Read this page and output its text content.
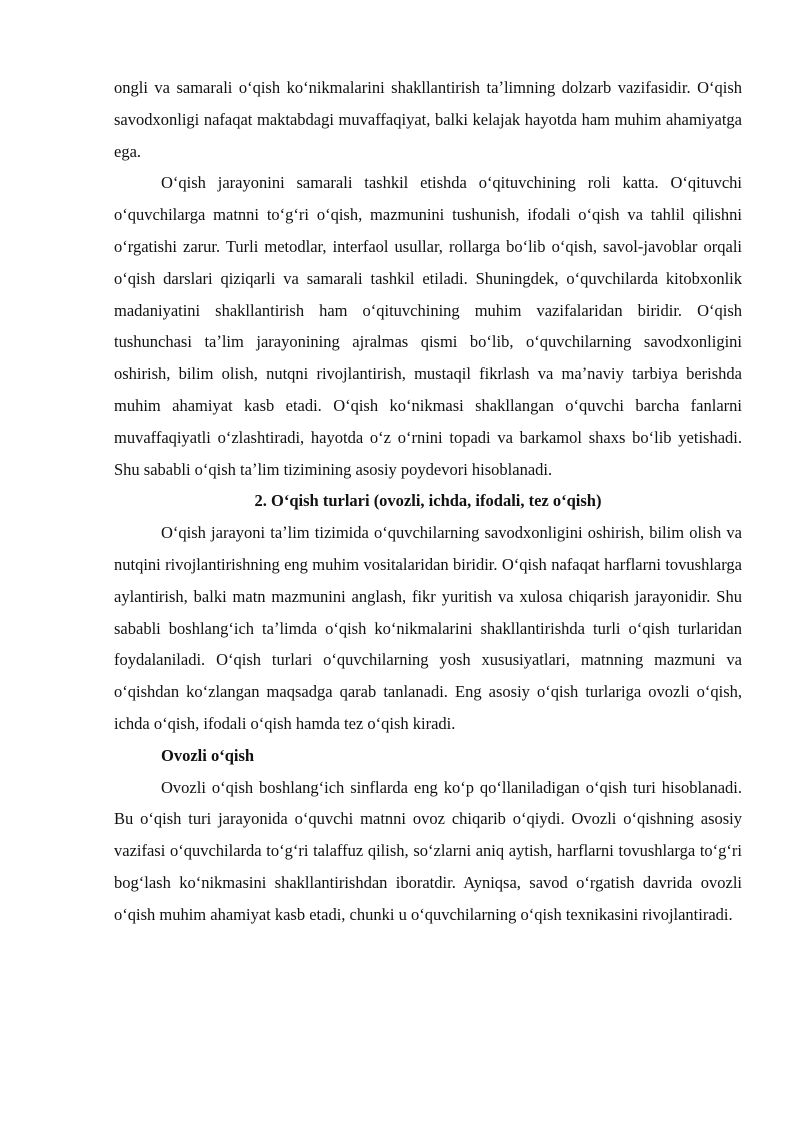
ongli va samarali oʻqish koʻnikmalarini shakllantirish taʼlimning dolzarb vazifasidir. Oʻqish savodxonligi nafaqat maktabdagi muvaffaqiyat, balki kelajak hayotda ham muhim ahamiyatga ega.

Oʻqish jarayonini samarali tashkil etishda oʻqituvchining roli katta. Oʻqituvchi oʻquvchilarga matnni toʻgʻri oʻqish, mazmunini tushunish, ifodali oʻqish va tahlil qilishni oʻrgatishi zarur. Turli metodlar, interfaol usullar, rollarga boʻlib oʻqish, savol-javoblar orqali oʻqish darslari qiziqarli va samarali tashkil etiladi. Shuningdek, oʻquvchilarda kitobxonlik madaniyatini shakllantirish ham oʻqituvchining muhim vazifalaridan biridir. Oʻqish tushunchasi taʼlim jarayonining ajralmas qismi boʻlib, oʻquvchilarning savodxonligini oshirish, bilim olish, nutqni rivojlantirish, mustaqil fikrlash va maʼnaviy tarbiya berishda muhim ahamiyat kasb etadi. Oʻqish koʻnikmasi shakllangan oʻquvchi barcha fanlarni muvaffaqiyatli oʻzlashtiradi, hayotda oʻz oʻrnini topadi va barkamol shaxs boʻlib yetishadi. Shu sababli oʻqish taʼlim tizimining asosiy poydevori hisoblanadi.

2. Oʻqish turlari (ovozli, ichda, ifodali, tez oʻqish)

Oʻqish jarayoni taʼlim tizimida oʻquvchilarning savodxonligini oshirish, bilim olish va nutqini rivojlantirishning eng muhim vositalaridan biridir. Oʻqish nafaqat harflarni tovushlarga aylantirish, balki matn mazmunini anglash, fikr yuritish va xulosa chiqarish jarayonidir. Shu sababli boshlangʻich taʼlimda oʻqish koʻnikmalarini shakllantirishda turli oʻqish turlaridan foydalaniladi. Oʻqish turlari oʻquvchilarning yosh xususiyatlari, matnning mazmuni va oʻqishdan koʻzlangan maqsadga qarab tanlanadi. Eng asosiy oʻqish turlariga ovozli oʻqish, ichda oʻqish, ifodali oʻqish hamda tez oʻqish kiradi.

Ovozli oʻqish

Ovozli oʻqish boshlangʻich sinflarda eng koʻp qoʻllaniladigan oʻqish turi hisoblanadi. Bu oʻqish turi jarayonida oʻquvchi matnni ovoz chiqarib oʻqiydi. Ovozli oʻqishning asosiy vazifasi oʻquvchilarda toʻgʻri talaffuz qilish, soʻzlarni aniq aytish, harflarni tovushlarga toʻgʻri bogʻlash koʻnikmasini shakllantirishdan iboratdir. Ayniqsa, savod oʻrgatish davrida ovozli oʻqish muhim ahamiyat kasb etadi, chunki u oʻquvchilarning oʻqish texnikasini rivojlantiradi.
